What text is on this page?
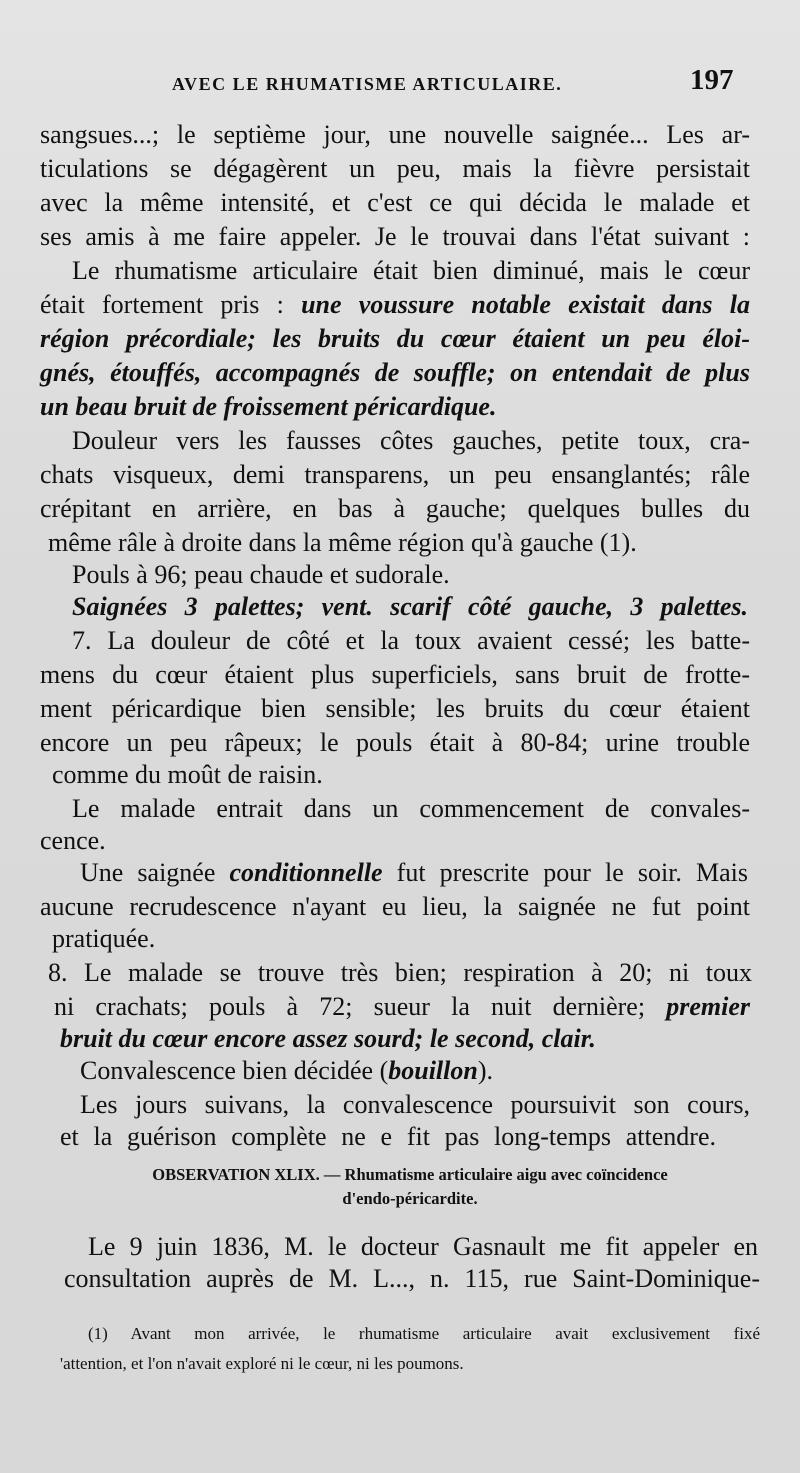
AVEC LE RHUMATISME ARTICULAIRE.	197
sangsues...; le septième jour, une nouvelle saignée... Les ar-
ticulations se dégagèrent un peu, mais la fièvre persistait
avec la même intensité, et c'est ce qui décida le malade et
ses amis à me faire appeler. Je le trouvai dans l'état suivant :
Le rhumatisme articulaire était bien diminué, mais le cœur
était fortement pris : une voussure notable existait dans la
région précordiale; les bruits du cœur étaient un peu éloi-
gnés, étouffés, accompagnés de souffle; on entendait de plus
un beau bruit de froissement péricardique.
Douleur vers les fausses côtes gauches, petite toux, cra-
chats visqueux, demi transparens, un peu ensanglantés; râle
crépitant en arrière, en bas à gauche; quelques bulles du
même râle à droite dans la même région qu'à gauche (1).
Pouls à 96; peau chaude et sudorale.
Saignées 3 palettes; vent. scarif côté gauche, 3 palettes.
7. La douleur de côté et la toux avaient cessé; les batte-
mens du cœur étaient plus superficiels, sans bruit de frotte-
ment péricardique bien sensible; les bruits du cœur étaient
encore un peu râpeux; le pouls était à 80-84; urine trouble
comme du moût de raisin.
Le malade entrait dans un commencement de convales-
cence.
Une saignée conditionnelle fut prescrite pour le soir. Mais
aucune recrudescence n'ayant eu lieu, la saignée ne fut point
pratiquée.
8. Le malade se trouve très bien; respiration à 20; ni toux
ni crachats; pouls à 72; sueur la nuit dernière; premier
bruit du cœur encore assez sourd; le second, clair.
Convalescence bien décidée (bouillon).
Les jours suivans, la convalescence poursuivit son cours,
et la guérison complète ne e fit pas long-temps attendre.
OBSERVATION XLIX. — Rhumatisme articulaire aigu avec coïncidence
d'endo-péricardite.
Le 9 juin 1836, M. le docteur Gasnault me fit appeler en
consultation auprès de M. L..., n. 115, rue Saint-Dominique-
(1) Avant mon arrivée, le rhumatisme articulaire avait exclusivement fixé
'attention, et l'on n'avait exploré ni le cœur, ni les poumons.
